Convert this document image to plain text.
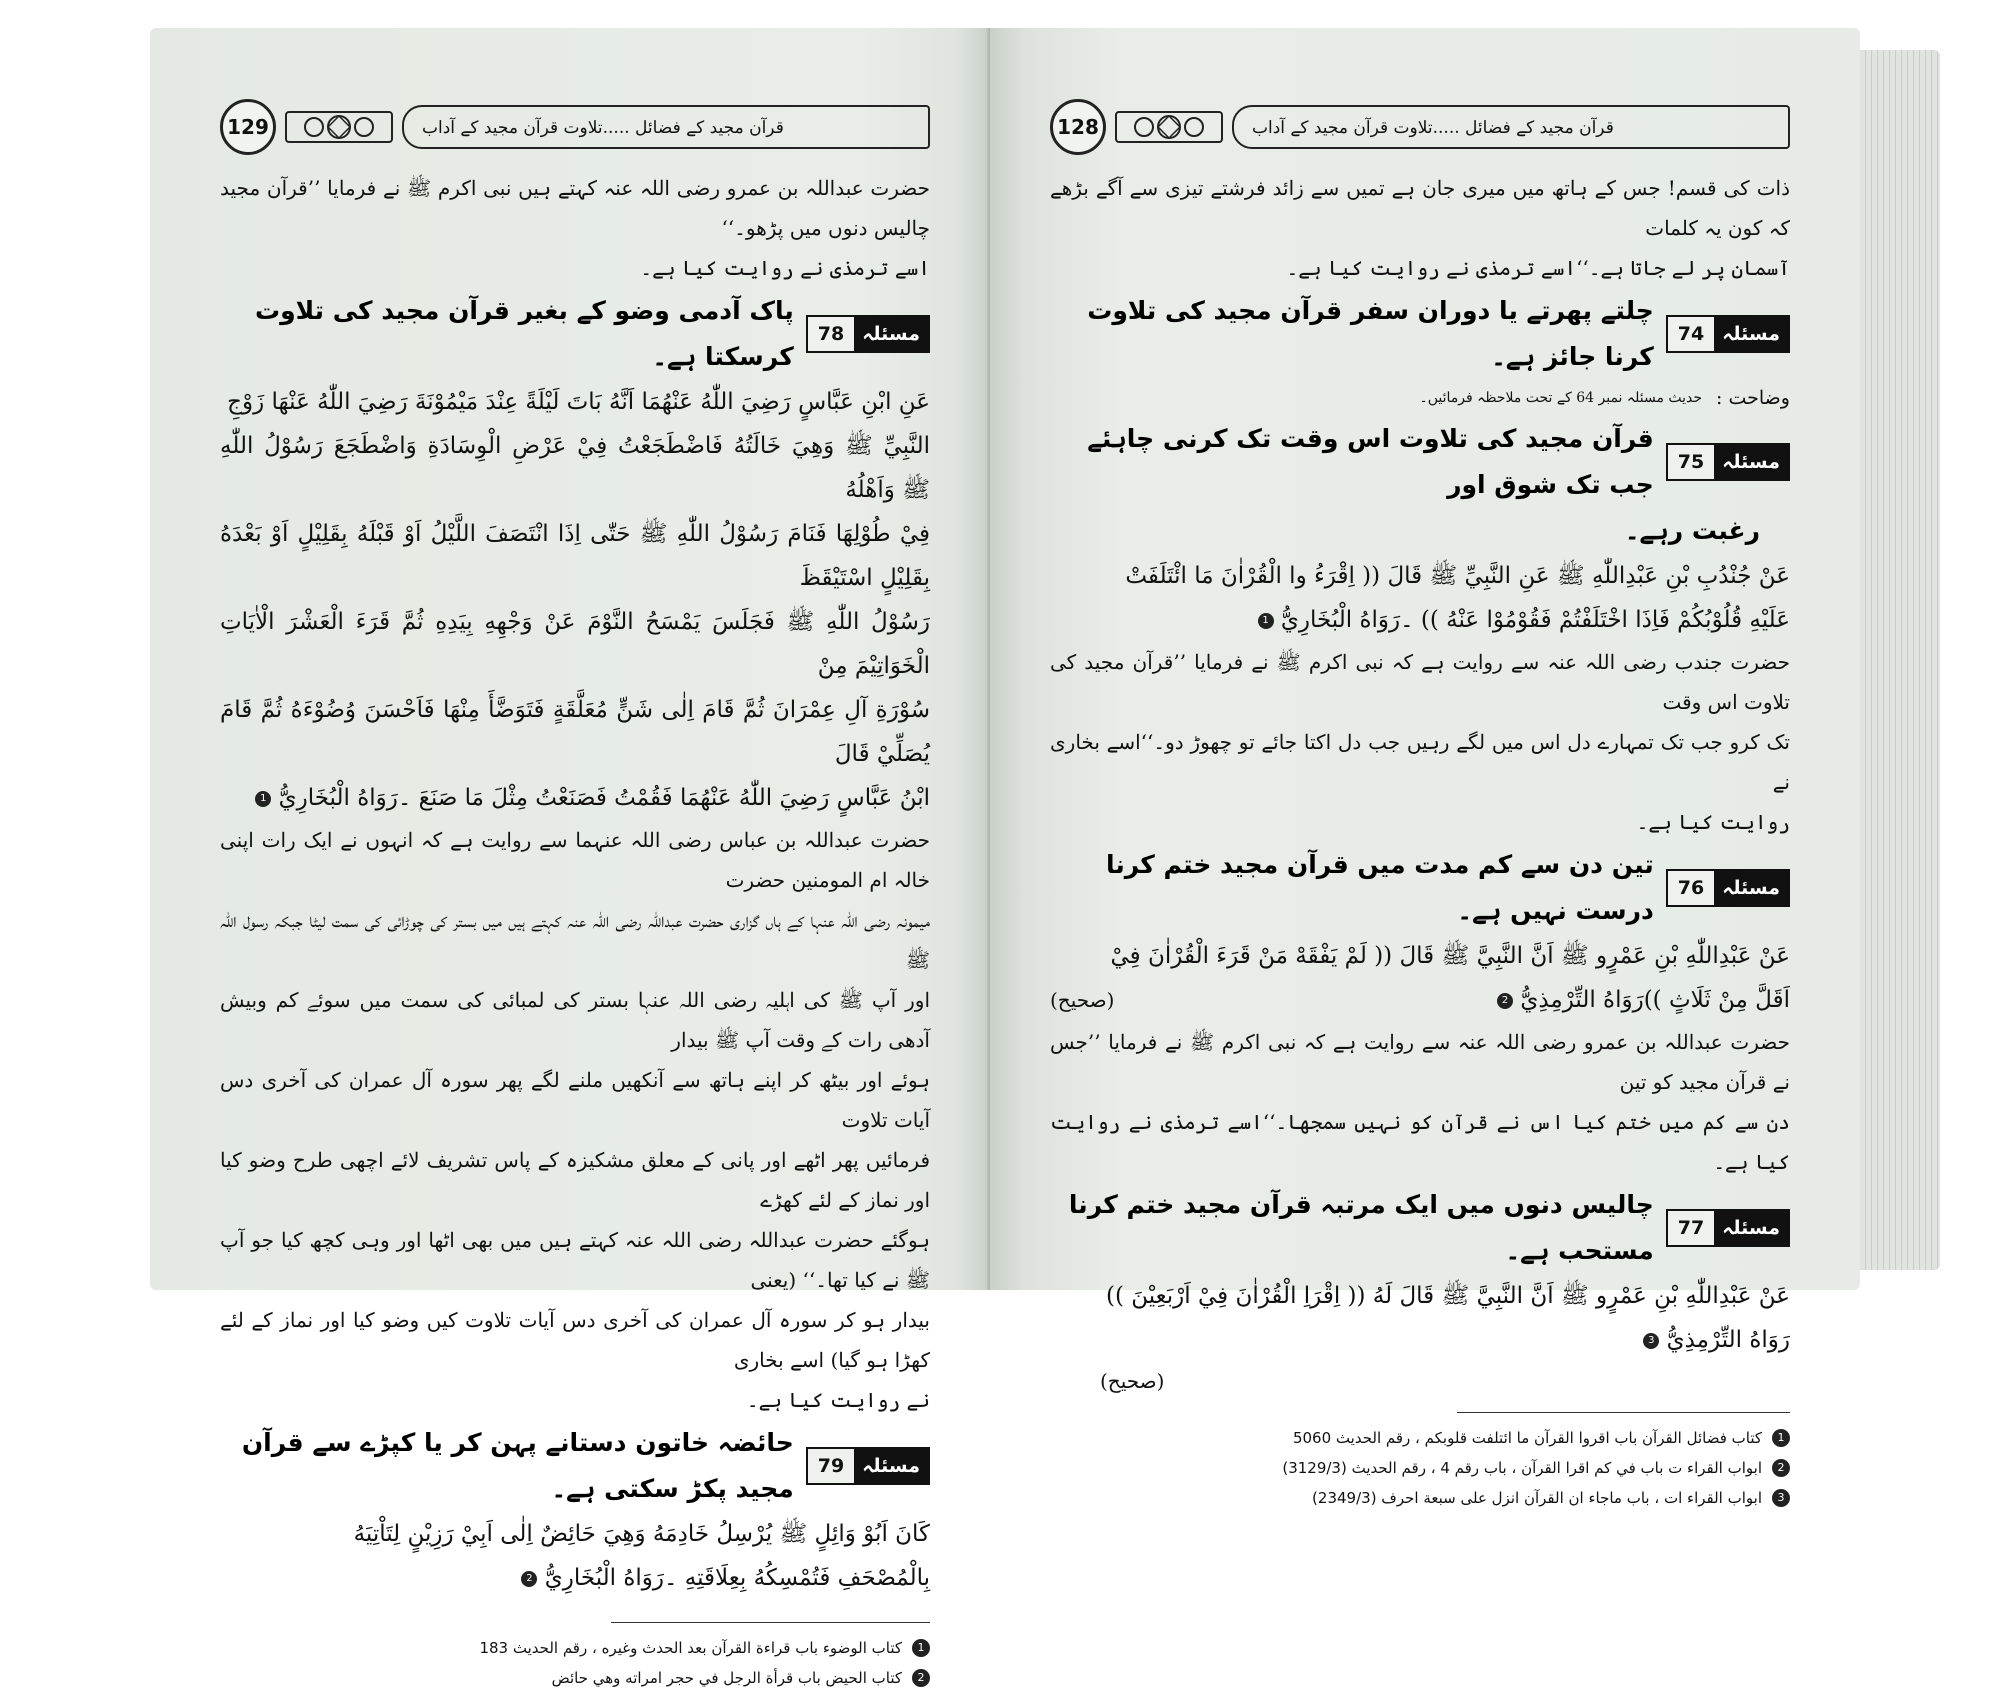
129	قرآن مجید کے فضائل .....تلاوت قرآن مجید کے آداب
حضرت عبداللہ بن عمرو رضی اللہ عنہ کہتے ہیں نبی اکرم ﷺ نے فرمایا ’’قرآن مجید چالیس دنوں میں پڑھو۔‘‘
اسے ترمذی نے روایت کیا ہے۔
مسئلہ
78
پاک آدمی وضو کے بغیر قرآن مجید کی تلاوت کرسکتا ہے۔
عَنِ ابْنِ عَبَّاسٍ رَضِيَ اللّٰهُ عَنْهُمَا اَنَّهُ بَاتَ لَيْلَةً عِنْدَ مَيْمُوْنَةَ رَضِيَ اللّٰهُ عَنْهَا زَوْجِ
النَّبِيِّ ﷺ وَهِيَ خَالَتُهُ فَاضْطَجَعْتُ فِيْ عَرْضِ الْوِسَادَةِ وَاضْطَجَعَ رَسُوْلُ اللّٰهِ ﷺ وَاَهْلُهُ
فِيْ طُوْلِهَا فَنَامَ رَسُوْلُ اللّٰهِ ﷺ حَتّٰى اِذَا انْتَصَفَ اللَّيْلُ اَوْ قَبْلَهُ بِقَلِيْلٍ اَوْ بَعْدَهُ بِقَلِيْلٍ اسْتَيْقَظَ
رَسُوْلُ اللّٰهِ ﷺ فَجَلَسَ يَمْسَحُ النَّوْمَ عَنْ وَجْهِهِ بِيَدِهِ ثُمَّ قَرَءَ الْعَشْرَ الْاٰيَاتِ الْخَوَاتِيْمَ مِنْ
سُوْرَةِ آلِ عِمْرَانَ ثُمَّ قَامَ اِلٰى شَنٍّ مُعَلَّقَةٍ فَتَوَضَّأَ مِنْهَا فَاَحْسَنَ وُضُوْءَهُ ثُمَّ قَامَ يُصَلِّيْ قَالَ
ابْنُ عَبَّاسٍ رَضِيَ اللّٰهُ عَنْهُمَا فَقُمْتُ فَصَنَعْتُ مِثْلَ مَا صَنَعَ ۔رَوَاهُ الْبُخَارِيُّ 1
حضرت عبداللہ بن عباس رضی اللہ عنہما سے روایت ہے کہ انہوں نے ایک رات اپنی خالہ ام المومنین حضرت
میمونہ رضی اللہ عنہا کے ہاں گزاری حضرت عبداللہ رضی اللہ عنہ کہتے ہیں میں بستر کی چوڑائی کی سمت لیٹا جبکہ رسول اللہ ﷺ
اور آپ ﷺ کی اہلیہ رضی اللہ عنہا بستر کی لمبائی کی سمت میں سوئے کم وبیش آدھی رات کے وقت آپ ﷺ بیدار
ہوئے اور بیٹھ کر اپنے ہاتھ سے آنکھیں ملنے لگے پھر سورہ آل عمران کی آخری دس آیات تلاوت
فرمائیں پھر اٹھے اور پانی کے معلق مشکیزہ کے پاس تشریف لائے اچھی طرح وضو کیا اور نماز کے لئے کھڑے
ہوگئے حضرت عبداللہ رضی اللہ عنہ کہتے ہیں میں بھی اٹھا اور وہی کچھ کیا جو آپ ﷺ نے کیا تھا۔‘‘ (یعنی
بیدار ہو کر سورہ آل عمران کی آخری دس آیات تلاوت کیں وضو کیا اور نماز کے لئے کھڑا ہو گیا) اسے بخاری
نے روایت کیا ہے۔
مسئلہ
79
حائضہ خاتون دستانے پہن کر یا کپڑے سے قرآن مجید پکڑ سکتی ہے۔
كَانَ اَبُوْ وَائِلٍ ﷺ يُرْسِلُ خَادِمَهُ وَهِيَ حَائِضٌ اِلٰى اَبِيْ رَزِيْنٍ لِتَاْتِيَهُ
بِالْمُصْحَفِ فَتُمْسِكُهُ بِعِلَاقَتِهِ ۔رَوَاهُ الْبُخَارِيُّ 2
1
كتاب الوضوء باب قراءة القرآن بعد الحدث وغيره ، رقم الحديث 183
2
كتاب الحيض باب قرأة الرجل في حجر امراته وهي حائض
128	قرآن مجید کے فضائل .....تلاوت قرآن مجید کے آداب
ذات کی قسم! جس کے ہاتھ میں میری جان ہے تمیں سے زائد فرشتے تیزی سے آگے بڑھے کہ کون یہ کلمات
آسمان پر لے جاتا ہے۔‘‘اسے ترمذی نے روایت کیا ہے۔
مسئلہ
74
چلتے پھرتے یا دوران سفر قرآن مجید کی تلاوت کرنا جائز ہے۔
وضاحت :
حدیث مسئلہ نمبر 64 کے تحت ملاحظہ فرمائیں۔
مسئلہ
75
قرآن مجید کی تلاوت اس وقت تک کرنی چاہئے جب تک شوق اور
رغبت رہے۔
عَنْ جُنْدُبِ بْنِ عَبْدِاللّٰهِ ﷺ عَنِ النَّبِيِّ ﷺ قَالَ (( اِقْرَءُ وا الْقُرْاٰنَ مَا ائْتَلَفَتْ
عَلَيْهِ قُلُوْبُكُمْ فَاِذَا اخْتَلَفْتُمْ فَقُوْمُوْا عَنْهُ )) ۔رَوَاهُ الْبُخَارِيُّ 1
حضرت جندب رضی اللہ عنہ سے روایت ہے کہ نبی اکرم ﷺ نے فرمایا ’’قرآن مجید کی تلاوت اس وقت
تک کرو جب تک تمہارے دل اس میں لگے رہیں جب دل اکتا جائے تو چھوڑ دو۔‘‘اسے بخاری نے
روایت کیا ہے۔
مسئلہ
76
تین دن سے کم مدت میں قرآن مجید ختم کرنا درست نہیں ہے۔
عَنْ عَبْدِاللّٰهِ بْنِ عَمْرٍو ﷺ اَنَّ النَّبِيَّ ﷺ قَالَ (( لَمْ يَفْقَهْ مَنْ قَرَءَ الْقُرْاٰنَ فِيْ
اَقَلَّ مِنْ ثَلَاثٍ ))رَوَاهُ التِّرْمِذِيُّ 2
(صحیح)
حضرت عبداللہ بن عمرو رضی اللہ عنہ سے روایت ہے کہ نبی اکرم ﷺ نے فرمایا ’’جس نے قرآن مجید کو تین
دن سے کم میں ختم کیا اس نے قرآن کو نہیں سمجھا۔‘‘اسے ترمذی نے روایت کیا ہے۔
مسئلہ
77
چالیس دنوں میں ایک مرتبہ قرآن مجید ختم کرنا مستحب ہے۔
عَنْ عَبْدِاللّٰهِ بْنِ عَمْرٍو ﷺ اَنَّ النَّبِيَّ ﷺ قَالَ لَهُ (( اِقْرَاِ الْقُرْاٰنَ فِيْ اَرْبَعِيْنَ ))
رَوَاهُ التِّرْمِذِيُّ 3
(صحیح)
1
كتاب فضائل القرآن باب اقروا القرآن ما ائتلفت قلوبكم ، رقم الحديث 5060
2
ابواب القراء ت باب في كم اقرا القرآن ، باب رقم 4 ، رقم الحديث (3129/3)
3
ابواب القراء ات ، باب ماجاء ان القرآن انزل على سبعة احرف (2349/3)
